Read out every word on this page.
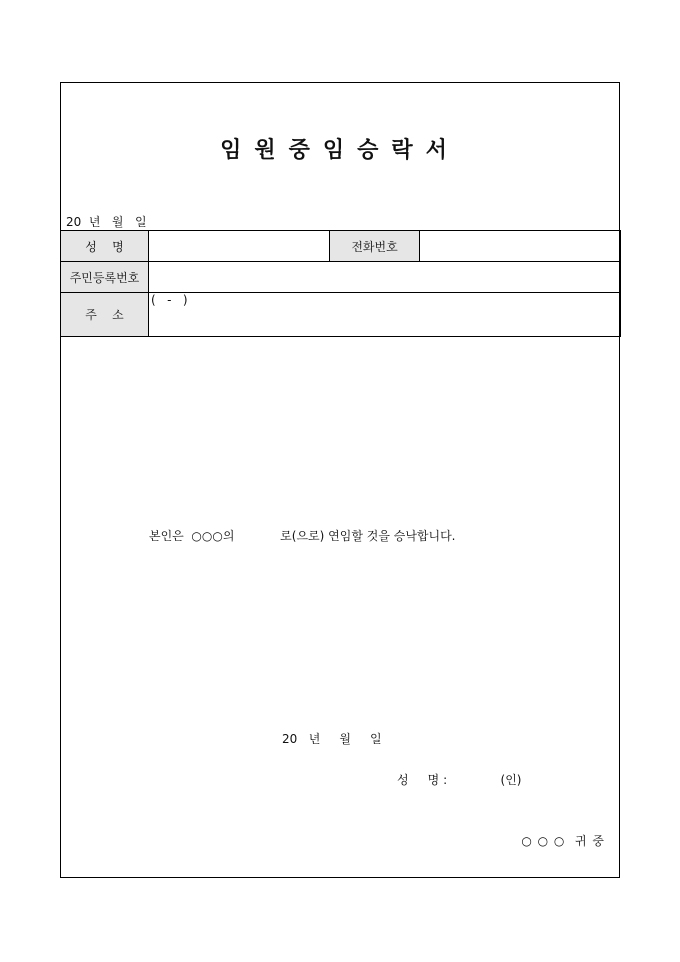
임원중임승락서
20  년   월   일
성    명		전화번호	
주민등록번호			
주    소	(   -   )		
본인은  ○○○의            로(으로) 연임할 것을 승낙합니다.
20   년     월     일
성     명 :              (인)
○ ○ ○  귀 중
